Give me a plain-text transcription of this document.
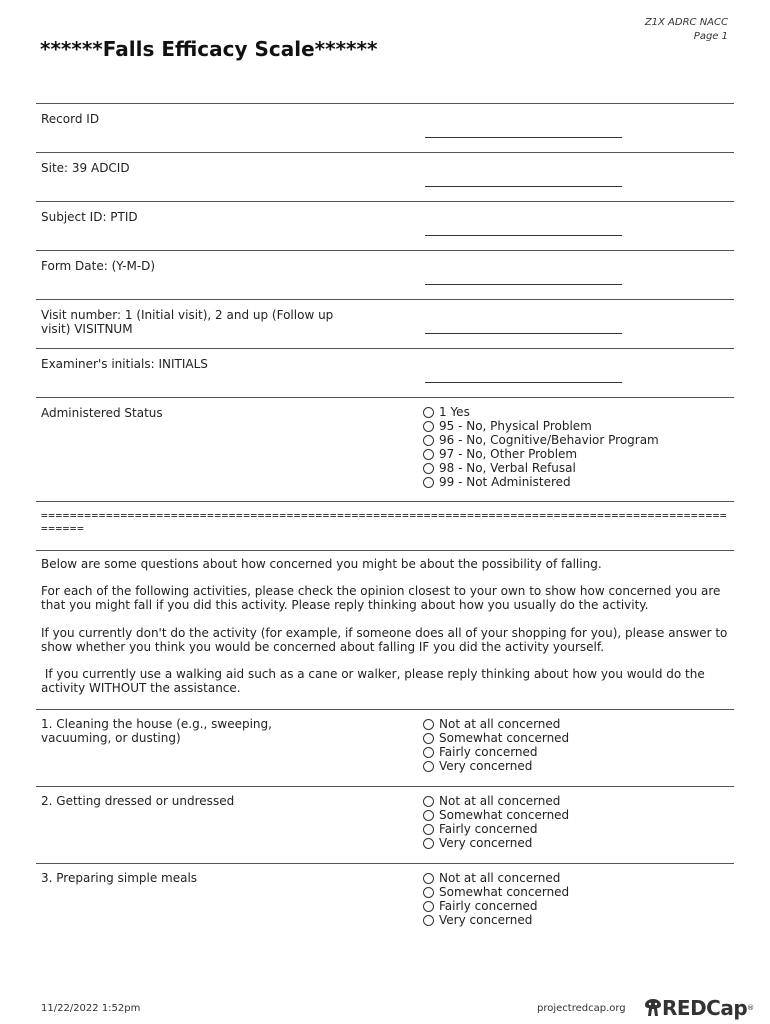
Z1X ADRC NACC
Page 1
******Falls Efficacy Scale******
Record ID
Site: 39 ADCID
Subject ID: PTID
Form Date: (Y-M-D)
Visit number: 1 (Initial visit), 2 and up (Follow up visit) VISITNUM
Examiner's initials: INITIALS
Administered Status	1 Yes
95 - No, Physical Problem
96 - No, Cognitive/Behavior Program
97 - No, Other Problem
98 - No, Verbal Refusal
99 - Not Administered
=====================================================================================================
Below are some questions about how concerned you might be about the possibility of falling.
For each of the following activities, please check the opinion closest to your own to show how concerned you are that you might fall if you did this activity. Please reply thinking about how you usually do the activity.
If you currently don't do the activity (for example, if someone does all of your shopping for you), please answer to show whether you think you would be concerned about falling IF you did the activity yourself.
If you currently use a walking aid such as a cane or walker, please reply thinking about how you would do the activity WITHOUT the assistance.
1. Cleaning the house (e.g., sweeping, vacuuming, or dusting)
Not at all concerned
Somewhat concerned
Fairly concerned
Very concerned
2. Getting dressed or undressed	Not at all concerned
Somewhat concerned
Fairly concerned
Very concerned
3. Preparing simple meals	Not at all concerned
Somewhat concerned
Fairly concerned
Very concerned
11/22/2022 1:52pm	projectredcap.org REDCap ®
